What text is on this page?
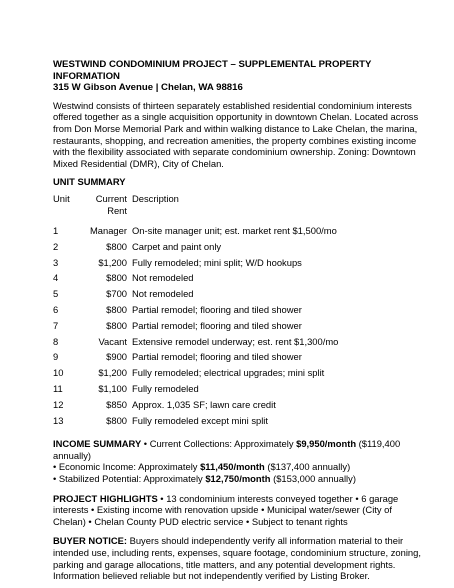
WESTWIND CONDOMINIUM PROJECT – SUPPLEMENTAL PROPERTY
INFORMATION
315 W Gibson Avenue | Chelan, WA 98816
Westwind consists of thirteen separately established residential condominium interests offered together as a single acquisition opportunity in downtown Chelan. Located across from Don Morse Memorial Park and within walking distance to Lake Chelan, the marina, restaurants, shopping, and recreation amenities, the property combines existing income with the flexibility associated with separate condominium ownership. Zoning: Downtown Mixed Residential (DMR), City of Chelan.
UNIT SUMMARY
Unit	Current Rent	Description
1	Manager	On-site manager unit; est. market rent $1,500/mo
2	$800	Carpet and paint only
3	$1,200	Fully remodeled; mini split; W/D hookups
4	$800	Not remodeled
5	$700	Not remodeled
6	$800	Partial remodel; flooring and tiled shower
7	$800	Partial remodel; flooring and tiled shower
8	Vacant	Extensive remodel underway; est. rent $1,300/mo
9	$900	Partial remodel; flooring and tiled shower
10	$1,200	Fully remodeled; electrical upgrades; mini split
11	$1,100	Fully remodeled
12	$850	Approx. 1,035 SF; lawn care credit
13	$800	Fully remodeled except mini split
INCOME SUMMARY • Current Collections: Approximately $9,950/month ($119,400 annually)
• Economic Income: Approximately $11,450/month ($137,400 annually)
• Stabilized Potential: Approximately $12,750/month ($153,000 annually)
PROJECT HIGHLIGHTS • 13 condominium interests conveyed together • 6 garage interests • Existing income with renovation upside • Municipal water/sewer (City of Chelan) • Chelan County PUD electric service • Subject to tenant rights
BUYER NOTICE: Buyers should independently verify all information material to their intended use, including rents, expenses, square footage, condominium structure, zoning, parking and garage allocations, title matters, and any potential development rights. Information believed reliable but not independently verified by Listing Broker.
